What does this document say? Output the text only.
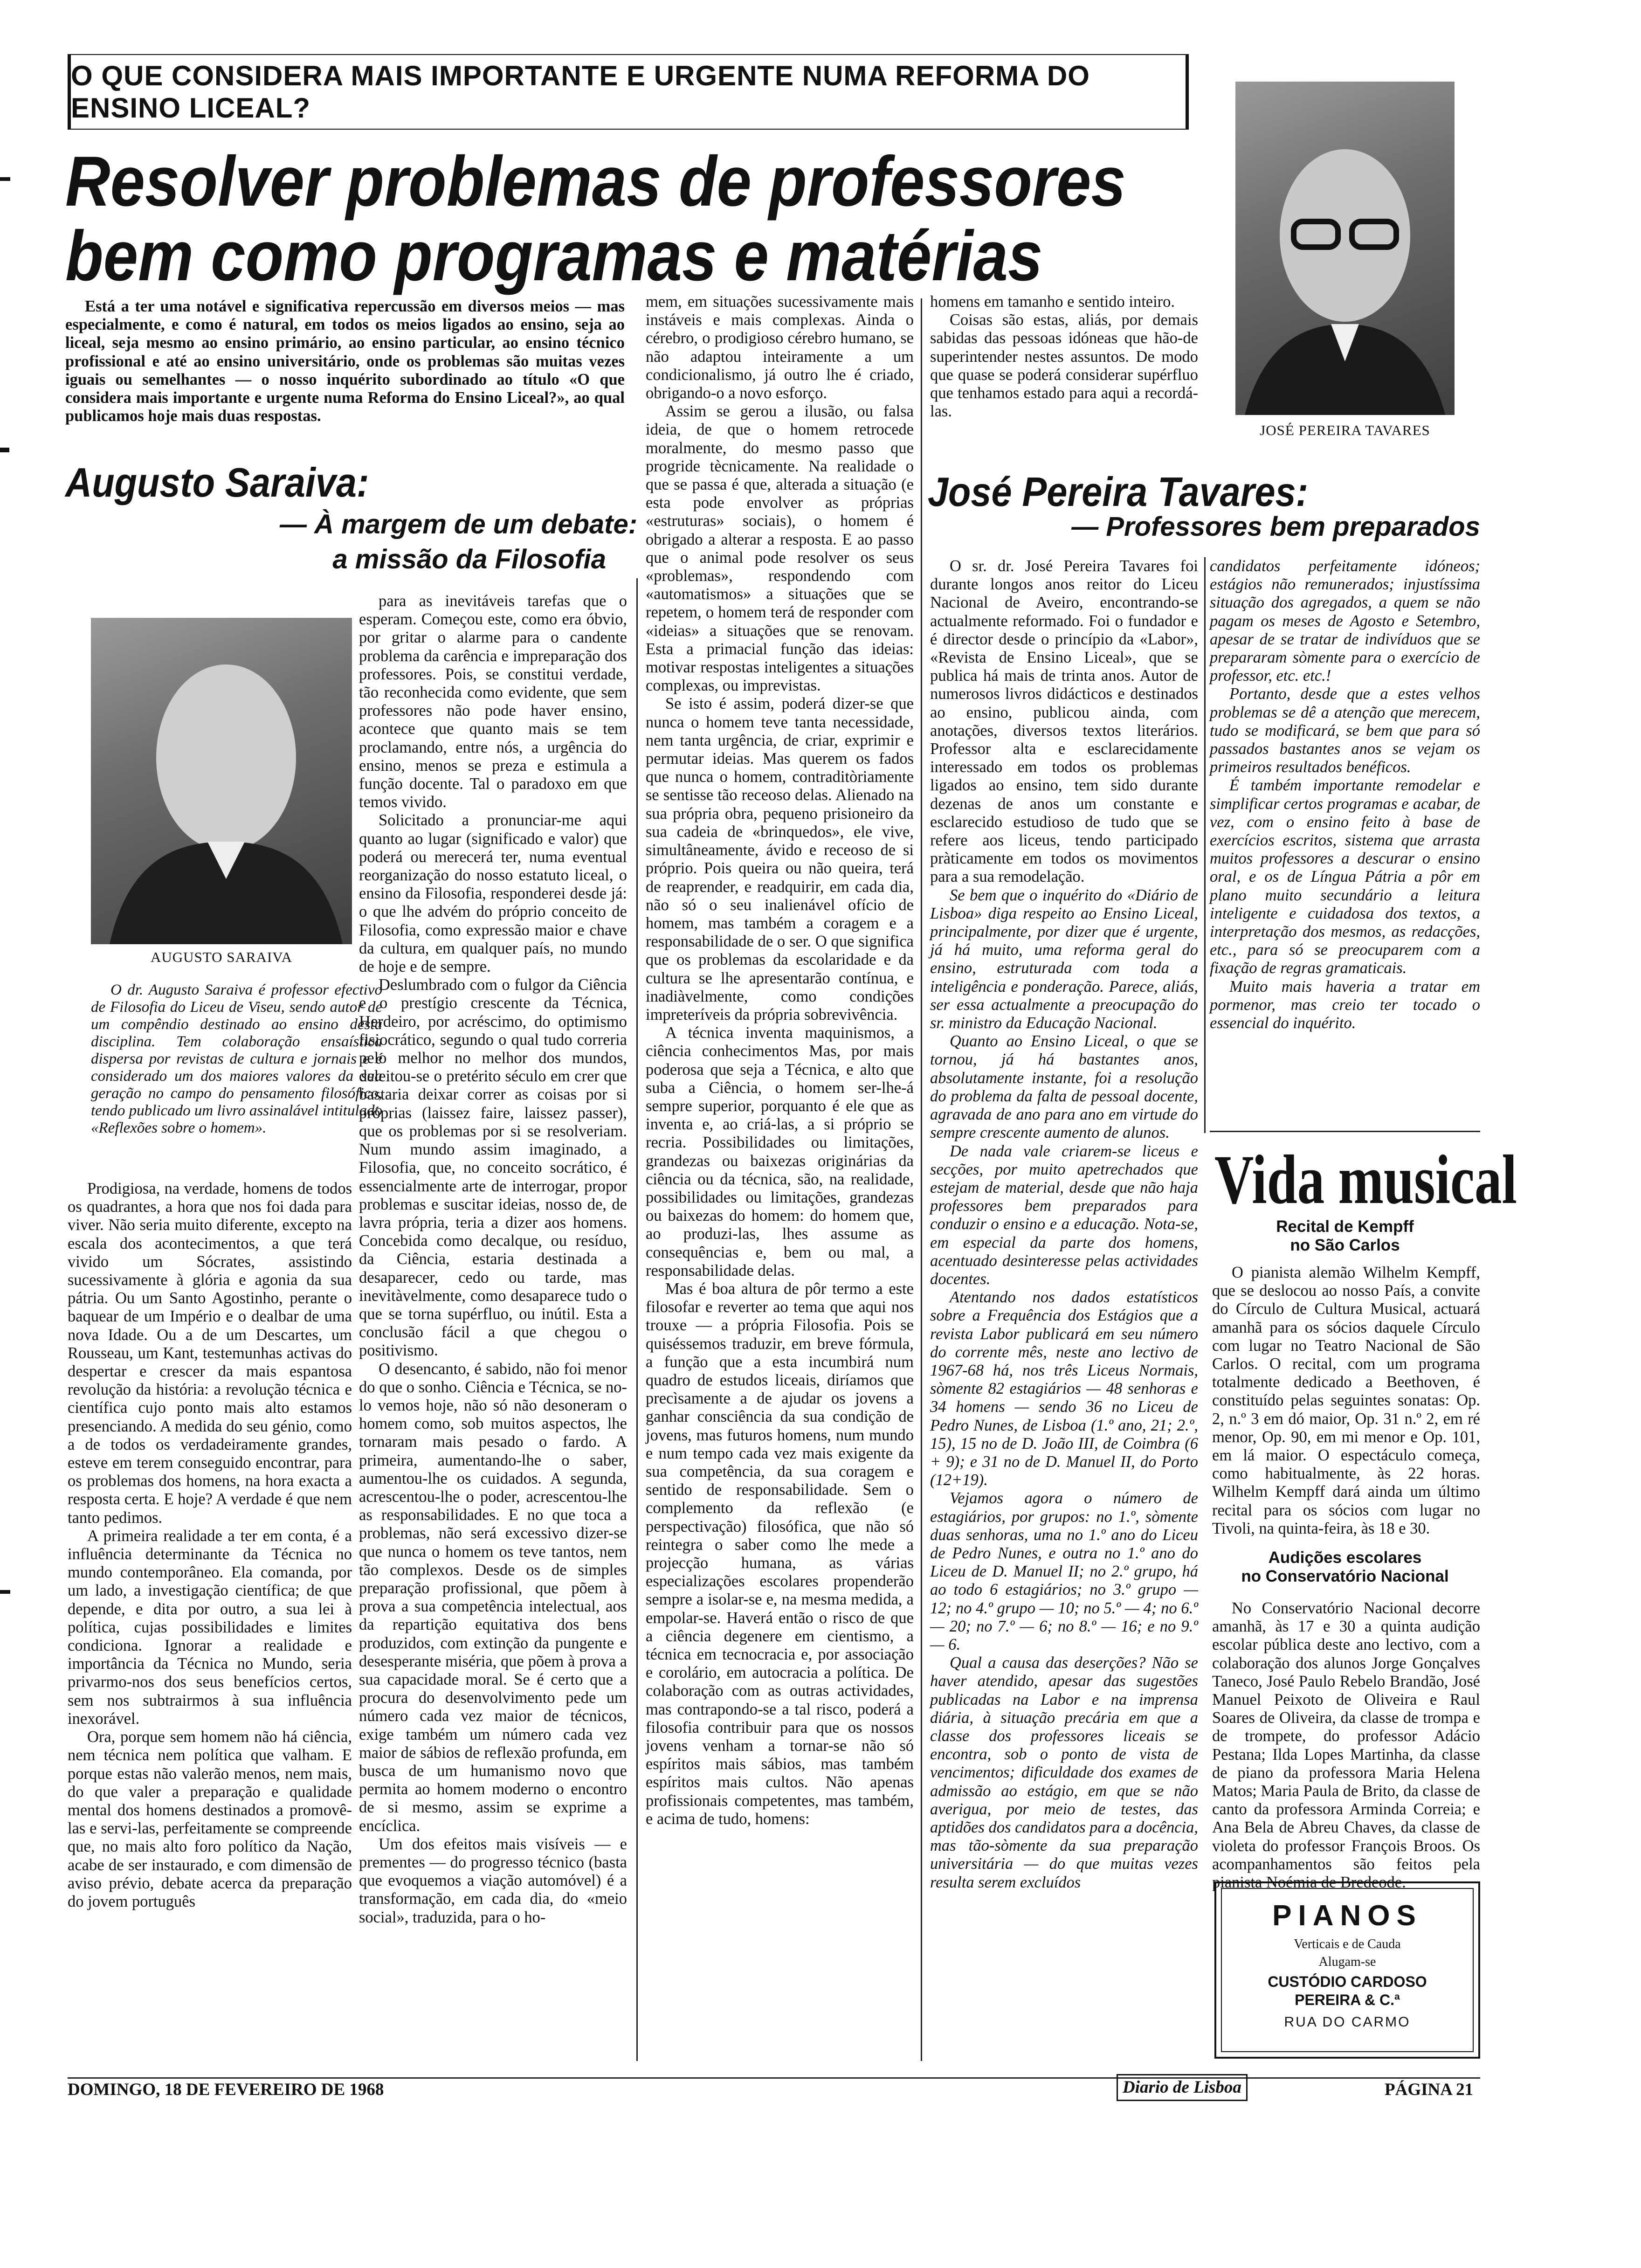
O QUE CONSIDERA MAIS IMPORTANTE E URGENTE NUMA REFORMA DO ENSINO LICEAL?
Resolver problemas de professores
bem como programas e matérias

Está a ter uma notável e significativa repercussão em diversos meios — mas especialmente, e como é natural, em todos os meios ligados ao ensino, seja ao liceal, seja mesmo ao ensino primário, ao ensino particular, ao ensino técnico profissional e até ao ensino universitário, onde os problemas são muitas vezes iguais ou semelhantes — o nosso inquérito subordinado ao título «O que considera mais importante e urgente numa Reforma do Ensino Liceal?», ao qual publicamos hoje mais duas respostas.

Augusto Saraiva:
— À margem de um debate:
a missão da Filosofia
AUGUSTO SARAIVA

O dr. Augusto Saraiva é professor efectivo de Filosofia do Liceu de Viseu, sendo autor de um compêndio destinado ao ensino desta disciplina. Tem colaboração ensaística dispersa por revistas de cultura e jornais e é considerado um dos maiores valores da sua geração no campo do pensamento filosófico, tendo publicado um livro assinalável intitulado «Reflexões sobre o homem».

Prodigiosa, na verdade, homens de todos os quadrantes, a hora que nos foi dada para viver. Não seria muito diferente, excepto na escala dos acontecimentos, a que terá vivido um Sócrates, assistindo sucessivamente à glória e agonia da sua pátria. Ou um Santo Agostinho, perante o baquear de um Império e o dealbar de uma nova Idade. Ou a de um Descartes, um Rousseau, um Kant, testemunhas activas do despertar e crescer da mais espantosa revolução da história: a revolução técnica e científica cujo ponto mais alto estamos presenciando. A medida do seu génio, como a de todos os verdadeiramente grandes, esteve em terem conseguido encontrar, para os problemas dos homens, na hora exacta a resposta certa. E hoje? A verdade é que nem tanto pedimos.

A primeira realidade a ter em conta, é a influência determinante da Técnica no mundo contemporâneo. Ela comanda, por um lado, a investigação científica; de que depende, e dita por outro, a sua lei à política, cujas possibilidades e limites condiciona. Ignorar a realidade e importância da Técnica no Mundo, seria privarmo-nos dos seus benefícios certos, sem nos subtrairmos à sua influência inexorável.

Ora, porque sem homem não há ciência, nem técnica nem política que valham. E porque estas não valerão menos, nem mais, do que valer a preparação e qualidade mental dos homens destinados a promovê-las e servi-las, perfeitamente se compreende que, no mais alto foro político da Nação, acabe de ser instaurado, e com dimensão de aviso prévio, debate acerca da preparação do jovem português

para as inevitáveis tarefas que o esperam. Começou este, como era óbvio, por gritar o alarme para o candente problema da carência e impreparação dos professores. Pois, se constitui verdade, tão reconhecida como evidente, que sem professores não pode haver ensino, acontece que quanto mais se tem proclamando, entre nós, a urgência do ensino, menos se preza e estimula a função docente. Tal o paradoxo em que temos vivido.

Solicitado a pronunciar-me aqui quanto ao lugar (significado e valor) que poderá ou merecerá ter, numa eventual reorganização do nosso estatuto liceal, o ensino da Filosofia, responderei desde já: o que lhe advém do próprio conceito de Filosofia, como expressão maior e chave da cultura, em qualquer país, no mundo de hoje e de sempre.

Deslumbrado com o fulgor da Ciência e o prestígio crescente da Técnica, Herdeiro, por acréscimo, do optimismo fisiocrático, segundo o qual tudo correria pelo melhor no melhor dos mundos, deleitou-se o pretérito século em crer que bastaria deixar correr as coisas por si próprias (laissez faire, laissez passer), que os problemas por si se resolveriam. Num mundo assim imaginado, a Filosofia, que, no conceito socrático, é essencialmente arte de interrogar, propor problemas e suscitar ideias, nosso de, de lavra própria, teria a dizer aos homens. Concebida como decalque, ou resíduo, da Ciência, estaria destinada a desaparecer, cedo ou tarde, mas inevitàvelmente, como desaparece tudo o que se torna supérfluo, ou inútil. Esta a conclusão fácil a que chegou o positivismo.

O desencanto, é sabido, não foi menor do que o sonho. Ciência e Técnica, se no-lo vemos hoje, não só não desoneram o homem como, sob muitos aspectos, lhe tornaram mais pesado o fardo. A primeira, aumentando-lhe o saber, aumentou-lhe os cuidados. A segunda, acrescentou-lhe o poder, acrescentou-lhe as responsabilidades. E no que toca a problemas, não será excessivo dizer-se que nunca o homem os teve tantos, nem tão complexos. Desde os de simples preparação profissional, que põem à prova a sua competência intelectual, aos da repartição equitativa dos bens produzidos, com extinção da pungente e desesperante miséria, que põem à prova a sua capacidade moral. Se é certo que a procura do desenvolvimento pede um número cada vez maior de técnicos, exige também um número cada vez maior de sábios de reflexão profunda, em busca de um humanismo novo que permita ao homem moderno o encontro de si mesmo, assim se exprime a encíclica.

Um dos efeitos mais visíveis — e prementes — do progresso técnico (basta que evoquemos a viação automóvel) é a transformação, em cada dia, do «meio social», traduzida, para o ho-

mem, em situações sucessivamente mais instáveis e mais complexas. Ainda o cérebro, o prodigioso cérebro humano, se não adaptou inteiramente a um condicionalismo, já outro lhe é criado, obrigando-o a novo esforço.

Assim se gerou a ilusão, ou falsa ideia, de que o homem retrocede moralmente, do mesmo passo que progride tècnicamente. Na realidade o que se passa é que, alterada a situação (e esta pode envolver as próprias «estruturas» sociais), o homem é obrigado a alterar a resposta. E ao passo que o animal pode resolver os seus «problemas», respondendo com «automatismos» a situações que se repetem, o homem terá de responder com «ideias» a situações que se renovam. Esta a primacial função das ideias: motivar respostas inteligentes a situações complexas, ou imprevistas.

Se isto é assim, poderá dizer-se que nunca o homem teve tanta necessidade, nem tanta urgência, de criar, exprimir e permutar ideias. Mas querem os fados que nunca o homem, contraditòriamente se sentisse tão receoso delas. Alienado na sua própria obra, pequeno prisioneiro da sua cadeia de «brinquedos», ele vive, simultâneamente, ávido e receoso de si próprio. Pois queira ou não queira, terá de reaprender, e readquirir, em cada dia, não só o seu inalienável ofício de homem, mas também a coragem e a responsabilidade de o ser. O que significa que os problemas da escolaridade e da cultura se lhe apresentarão contínua, e inadiàvelmente, como condições impreteríveis da própria sobrevivência.

A técnica inventa maquinismos, a ciência conhecimentos Mas, por mais poderosa que seja a Técnica, e alto que suba a Ciência, o homem ser-lhe-á sempre superior, porquanto é ele que as inventa e, ao criá-las, a si próprio se recria. Possibilidades ou limitações, grandezas ou baixezas originárias da ciência ou da técnica, são, na realidade, possibilidades ou limitações, grandezas ou baixezas do homem: do homem que, ao produzi-las, lhes assume as consequências e, bem ou mal, a responsabilidade delas.

Mas é boa altura de pôr termo a este filosofar e reverter ao tema que aqui nos trouxe — a própria Filosofia. Pois se quiséssemos traduzir, em breve fórmula, a função que a esta incumbirá num quadro de estudos liceais, diríamos que precìsamente a de ajudar os jovens a ganhar consciência da sua condição de jovens, mas futuros homens, num mundo e num tempo cada vez mais exigente da sua competência, da sua coragem e sentido de responsabilidade. Sem o complemento da reflexão (e perspectivação) filosófica, que não só reintegra o saber como lhe mede a projecção humana, as várias especializações escolares propenderão sempre a isolar-se e, na mesma medida, a empolar-se. Haverá então o risco de que a ciência degenere em cientismo, a técnica em tecnocracia e, por associação e corolário, em autocracia a política. De colaboração com as outras actividades, mas contrapondo-se a tal risco, poderá a filosofia contribuir para que os nossos jovens venham a tornar-se não só espíritos mais sábios, mas também espíritos mais cultos. Não apenas profissionais competentes, mas também, e acima de tudo, homens:

homens em tamanho e sentido inteiro.

Coisas são estas, aliás, por demais sabidas das pessoas idóneas que hão-de superintender nestes assuntos. De modo que quase se poderá considerar supérfluo que tenhamos estado para aqui a recordá-las.

JOSÉ PEREIRA TAVARES
José Pereira Tavares:
— Professores bem preparados

O sr. dr. José Pereira Tavares foi durante longos anos reitor do Liceu Nacional de Aveiro, encontrando-se actualmente reformado. Foi o fundador e é director desde o princípio da «Labor», «Revista de Ensino Liceal», que se publica há mais de trinta anos. Autor de numerosos livros didácticos e destinados ao ensino, publicou ainda, com anotações, diversos textos literários. Professor alta e esclarecidamente interessado em todos os problemas ligados ao ensino, tem sido durante dezenas de anos um constante e esclarecido estudioso de tudo que se refere aos liceus, tendo participado pràticamente em todos os movimentos para a sua remodelação.

Se bem que o inquérito do «Diário de Lisboa» diga respeito ao Ensino Liceal, principalmente, por dizer que é urgente, já há muito, uma reforma geral do ensino, estruturada com toda a inteligência e ponderação. Parece, aliás, ser essa actualmente a preocupação do sr. ministro da Educação Nacional.

Quanto ao Ensino Liceal, o que se tornou, já há bastantes anos, absolutamente instante, foi a resolução do problema da falta de pessoal docente, agravada de ano para ano em virtude do sempre crescente aumento de alunos.

De nada vale criarem-se liceus e secções, por muito apetrechados que estejam de material, desde que não haja professores bem preparados para conduzir o ensino e a educação. Nota-se, em especial da parte dos homens, acentuado desinteresse pelas actividades docentes.

Atentando nos dados estatísticos sobre a Frequência dos Estágios que a revista Labor publicará em seu número do corrente mês, neste ano lectivo de 1967-68 há, nos três Liceus Normais, sòmente 82 estagiários — 48 senhoras e 34 homens — sendo 36 no Liceu de Pedro Nunes, de Lisboa (1.º ano, 21; 2.º, 15), 15 no de D. João III, de Coimbra (6 + 9); e 31 no de D. Manuel II, do Porto (12+19).

Vejamos agora o número de estagiários, por grupos: no 1.º, sòmente duas senhoras, uma no 1.º ano do Liceu de Pedro Nunes, e outra no 1.º ano do Liceu de D. Manuel II; no 2.º grupo, há ao todo 6 estagiários; no 3.º grupo — 12; no 4.º grupo — 10; no 5.º — 4; no 6.º — 20; no 7.º — 6; no 8.º — 16; e no 9.º — 6.

Qual a causa das deserções? Não se haver atendido, apesar das sugestões publicadas na Labor e na imprensa diária, à situação precária em que a classe dos professores liceais se encontra, sob o ponto de vista de vencimentos; dificuldade dos exames de admissão ao estágio, em que se não averigua, por meio de testes, das aptidões dos candidatos para a docência, mas tão-sòmente da sua preparação universitária — do que muitas vezes resulta serem excluídos

candidatos perfeitamente idóneos; estágios não remunerados; injustíssima situação dos agregados, a quem se não pagam os meses de Agosto e Setembro, apesar de se tratar de indivíduos que se prepararam sòmente para o exercício de professor, etc. etc.!

Portanto, desde que a estes velhos problemas se dê a atenção que merecem, tudo se modificará, se bem que para só passados bastantes anos se vejam os primeiros resultados benéficos.

É também importante remodelar e simplificar certos programas e acabar, de vez, com o ensino feito à base de exercícios escritos, sistema que arrasta muitos professores a descurar o ensino oral, e os de Língua Pátria a pôr em plano muito secundário a leitura inteligente e cuidadosa dos textos, a interpretação dos mesmos, as redacções, etc., para só se preocuparem com a fixação de regras gramaticais.

Muito mais haveria a tratar em pormenor, mas creio ter tocado o essencial do inquérito.

Vida musical
Recital de Kempff
no São Carlos

O pianista alemão Wilhelm Kempff, que se deslocou ao nosso País, a convite do Círculo de Cultura Musical, actuará amanhã para os sócios daquele Círculo com lugar no Teatro Nacional de São Carlos. O recital, com um programa totalmente dedicado a Beethoven, é constituído pelas seguintes sonatas: Op. 2, n.º 3 em dó maior, Op. 31 n.º 2, em ré menor, Op. 90, em mi menor e Op. 101, em lá maior. O espectáculo começa, como habitualmente, às 22 horas. Wilhelm Kempff dará ainda um último recital para os sócios com lugar no Tivoli, na quinta-feira, às 18 e 30.

Audições escolares
no Conservatório Nacional

No Conservatório Nacional decorre amanhã, às 17 e 30 a quinta audição escolar pública deste ano lectivo, com a colaboração dos alunos Jorge Gonçalves Taneco, José Paulo Rebelo Brandão, José Manuel Peixoto de Oliveira e Raul Soares de Oliveira, da classe de trompa e de trompete, do professor Adácio Pestana; Ilda Lopes Martinha, da classe de piano da professora Maria Helena Matos; Maria Paula de Brito, da classe de canto da professora Arminda Correia; e Ana Bela de Abreu Chaves, da classe de violeta do professor François Broos. Os acompanhamentos são feitos pela pianista Noémia de Bredeode.

PIANOS
Verticais e de Cauda
Alugam-se
CUSTÓDIO CARDOSO
PEREIRA & C.ª
RUA DO CARMO
DOMINGO, 18 DE FEVEREIRO DE 1968	Diario de Lisboa	PÁGINA 21
